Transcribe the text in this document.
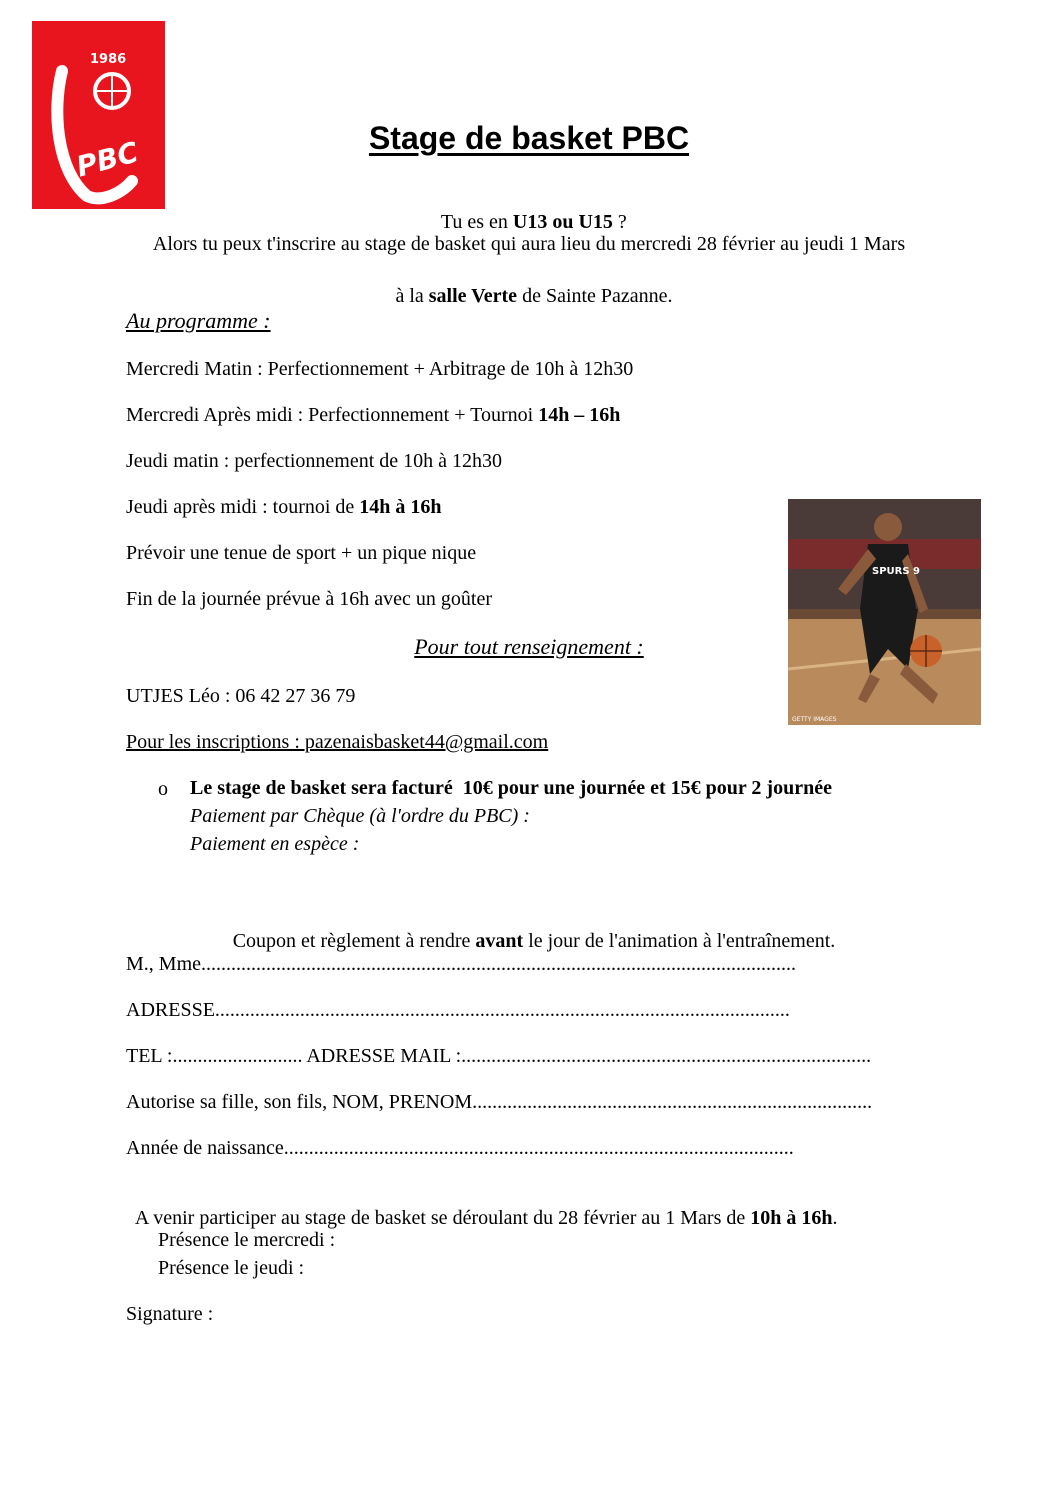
1986
PBC	Stage de basket PBC

Tu es en U13 ou U15 ?

Alors tu peux t'inscrire au stage de basket qui aura lieu du mercredi 28 février au jeudi 1 Mars

à la salle Verte de Sainte Pazanne.

Au programme :
Mercredi Matin : Perfectionnement + Arbitrage de 10h à 12h30
Mercredi Après midi : Perfectionnement + Tournoi 14h – 16h
Jeudi matin : perfectionnement de 10h à 12h30
Jeudi après midi : tournoi de 14h à 16h
Prévoir une tenue de sport + un pique nique
Fin de la journée prévue à 16h avec un goûter
SPURS 9
GETTY IMAGES
Pour tout renseignement :
UTJES Léo : 06 42 27 36 79
Pour les inscriptions : pazenaisbasket44@gmail.com
o Le stage de basket sera facturé  10€ pour une journée et 15€ pour 2 journée
Paiement par Chèque (à l'ordre du PBC) :
Paiement en espèce :

Coupon et règlement à rendre avant le jour de l'animation à l'entraînement.

M., Mme.......................................................................................................................
ADRESSE...................................................................................................................
TEL :.......................... ADRESSE MAIL :..................................................................................
Autorise sa fille, son fils, NOM, PRENOM................................................................................
Année de naissance......................................................................................................

A venir participer au stage de basket se déroulant du 28 février au 1 Mars de 10h à 16h.

Présence le mercredi :
Présence le jeudi :
Signature :
